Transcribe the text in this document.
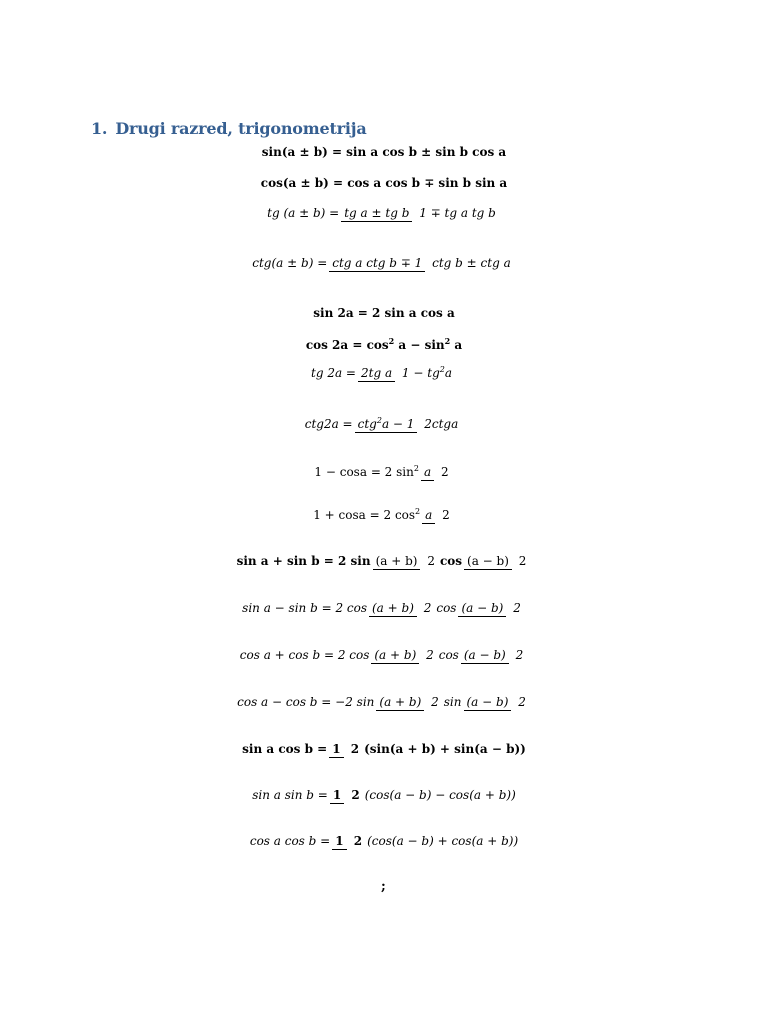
1. Drugi razred, trigonometrija
sin(a ± b) = sin a cos b ± sin b cos a
cos(a ± b) = cos a cos b ∓ sin b sin a
tg (a ± b) = tg a ± tg b 1 ∓ tg a tg b
ctg(a ± b) = ctg a ctg b ∓ 1 ctg b ± ctg a
sin 2a = 2 sin a cos a
$\cos 2a = \cos^2 a - \sin^2 a$
tg 2a = 2tg a $1 - tg^2a$
ctg2a = ctg$^2$a − 1 2ctga
1 − cosa = 2 $\sin^2 a$ 2
1 + cosa = 2 $\cos^2 a$ 2
sin a + sin b = 2 sin (a + b) 2 cos (a − b) 2
sin a − sin b = 2 cos (a + b) 2 cos (a − b) 2
cos a + cos b = 2 cos (a + b) 2 cos (a − b) 2
cos a − cos b = −2 sin (a + b) 2 sin (a − b) 2
sin a cos b = 1 2 (sin(a + b) + sin(a − b))
sin a sin b = 1 2 (cos(a − b) − cos(a + b))
cos a cos b = 1 2 (cos(a − b) + cos(a + b))
;
